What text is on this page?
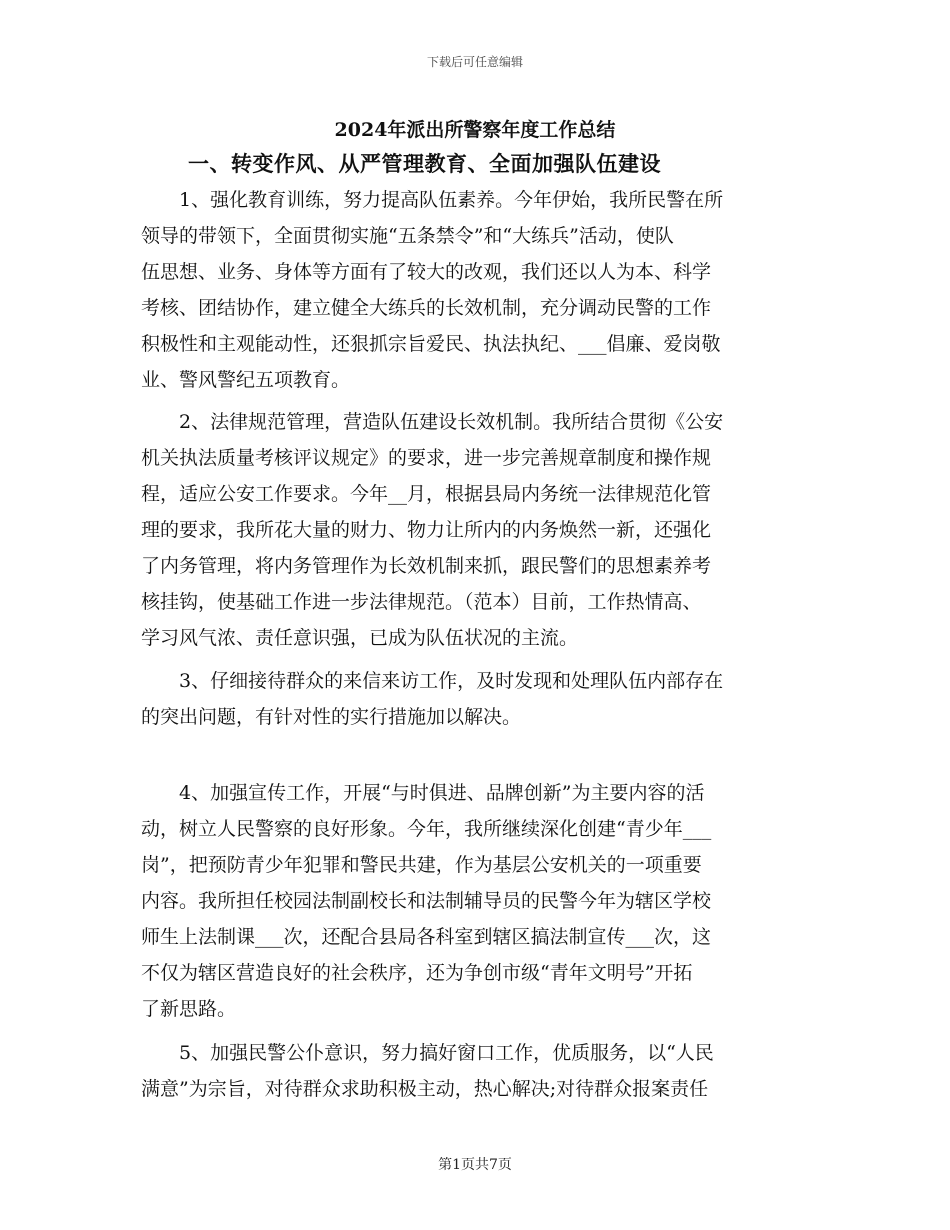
下载后可任意编辑
2024年派出所警察年度工作总结
一、转变作风、从严管理教育、全面加强队伍建设
　　1、强化教育训练，努力提高队伍素养。今年伊始，我所民警在所
领导的带领下，全面贯彻实施“五条禁令”和“大练兵”活动，使队
伍思想、业务、身体等方面有了较大的改观，我们还以人为本、科学
考核、团结协作，建立健全大练兵的长效机制，充分调动民警的工作
积极性和主观能动性，还狠抓宗旨爱民、执法执纪、___倡廉、爱岗敬
业、警风警纪五项教育。
　　2、法律规范管理，营造队伍建设长效机制。我所结合贯彻《公安
机关执法质量考核评议规定》的要求，进一步完善规章制度和操作规
程，适应公安工作要求。今年__月，根据县局内务统一法律规范化管
理的要求，我所花大量的财力、物力让所内的内务焕然一新，还强化
了内务管理，将内务管理作为长效机制来抓，跟民警们的思想素养考
核挂钩，使基础工作进一步法律规范。（范本）目前，工作热情高、
学习风气浓、责任意识强，已成为队伍状况的主流。
　　3、仔细接待群众的来信来访工作，及时发现和处理队伍内部存在
的突出问题，有针对性的实行措施加以解决。
　　4、加强宣传工作，开展“与时俱进、品牌创新”为主要内容的活
动，树立人民警察的良好形象。今年，我所继续深化创建“青少年___
岗”，把预防青少年犯罪和警民共建，作为基层公安机关的一项重要
内容。我所担任校园法制副校长和法制辅导员的民警今年为辖区学校
师生上法制课___次，还配合县局各科室到辖区搞法制宣传___次，这
不仅为辖区营造良好的社会秩序，还为争创市级“青年文明号”开拓
了新思路。
　　5、加强民警公仆意识，努力搞好窗口工作，优质服务，以“人民
满意”为宗旨，对待群众求助积极主动，热心解决;对待群众报案责任
第1页共7页
